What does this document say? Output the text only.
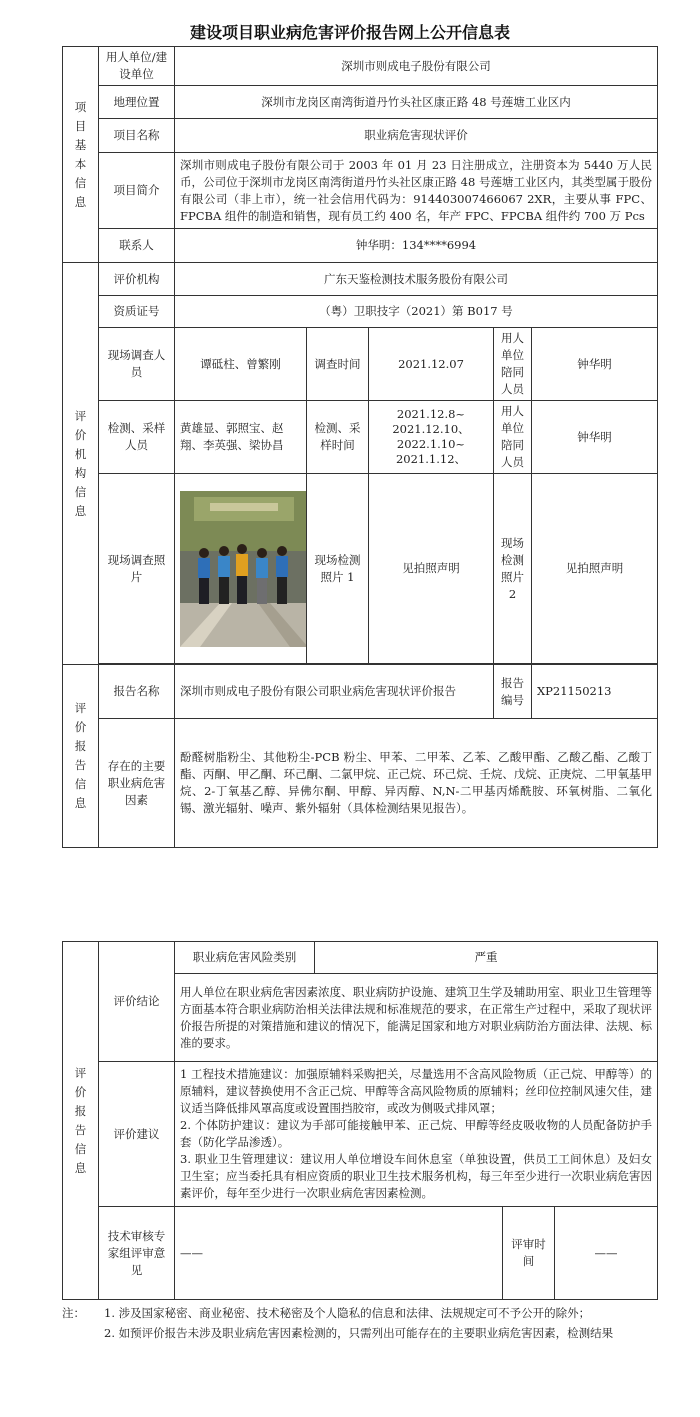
建设项目职业病危害评价报告网上公开信息表
项目基本信息	用人单位/建设单位	深圳市则成电子股份有限公司				
	地理位置	深圳市龙岗区南湾街道丹竹头社区康正路 48 号莲塘工业区内				
	项目名称	职业病危害现状评价				
	项目简介	深圳市则成电子股份有限公司于 2003 年 01 月 23 日注册成立，注册资本为 5440 万人民币，公司位于深圳市龙岗区南湾街道丹竹头社区康正路 48 号莲塘工业区内，其类型属于股份有限公司（非上市），统一社会信用代码为：914403007466067 2XR，主要从事 FPC、FPCBA 组件的制造和销售，现有员工约 400 名，年产 FPC、FPCBA 组件约 700 万 Pcs				
	联系人	钟华明：134****6994				
评价机构信息	评价机构	广东天鉴检测技术服务股份有限公司				
	资质证号	（粤）卫职技字（2021）第 B017 号				
	现场调查人员	谭砥柱、曾繁刚	调查时间	2021.12.07	用人单位陪同人员	钟华明
	检测、采样人员	黄雄显、郭照宝、赵翔、李英强、梁协昌	检测、采样时间	2021.12.8~
2021.12.10、
2022.1.10~
2021.1.12、	用人单位陪同人员	钟华明
	现场调查照片		现场检测照片 1	见拍照声明	现场检测照片 2	见拍照声明

评价报告信息	报告名称	深圳市则成电子股份有限公司职业病危害现状评价报告			报告编号	XP21150213
	存在的主要职业病危害因素	酚醛树脂粉尘、其他粉尘-PCB 粉尘、甲苯、二甲苯、乙苯、乙酸甲酯、乙酸乙酯、乙酸丁酯、丙酮、甲乙酮、环己酮、二氯甲烷、正己烷、环己烷、壬烷、戊烷、正庚烷、二甲氧基甲烷、2-丁氧基乙醇、异佛尔酮、甲醇、异丙醇、N,N-二甲基丙烯酰胺、环氧树脂、二氧化锡、激光辐射、噪声、紫外辐射（具体检测结果见报告）。				
评价报告信息	评价结论	职业病危害风险类别	严重		
		用人单位在职业病危害因素浓度、职业病防护设施、建筑卫生学及辅助用室、职业卫生管理等方面基本符合职业病防治相关法律法规和标准规范的要求，在正常生产过程中，采取了现状评价报告所提的对策措施和建议的情况下，能满足国家和地方对职业病防治方面法律、法规、标准的要求。			
	评价建议	1 工程技术措施建议：加强原辅料采购把关，尽量选用不含高风险物质（正己烷、甲醇等）的原辅料，建议替换使用不含正己烷、甲醇等含高风险物质的原辅料；丝印位控制风速欠佳，建议适当降低排风罩高度或设置围挡胶帘，或改为侧吸式排风罩；
2. 个体防护建议：建议为手部可能接触甲苯、正己烷、甲醇等经皮吸收物的人员配备防护手套（防化学品渗透）。
3. 职业卫生管理建议：建议用人单位增设车间休息室（单独设置，供员工工间休息）及妇女卫生室；应当委托具有相应资质的职业卫生技术服务机构，每三年至少进行一次职业病危害因素评价，每年至少进行一次职业病危害因素检测。			

	技术审核专家组评审意见	——		评审时间	——
注：	1. 涉及国家秘密、商业秘密、技术秘密及个人隐私的信息和法律、法规规定可不予公开的除外；
2. 如预评价报告未涉及职业病危害因素检测的，只需列出可能存在的主要职业病危害因素，检测结果
